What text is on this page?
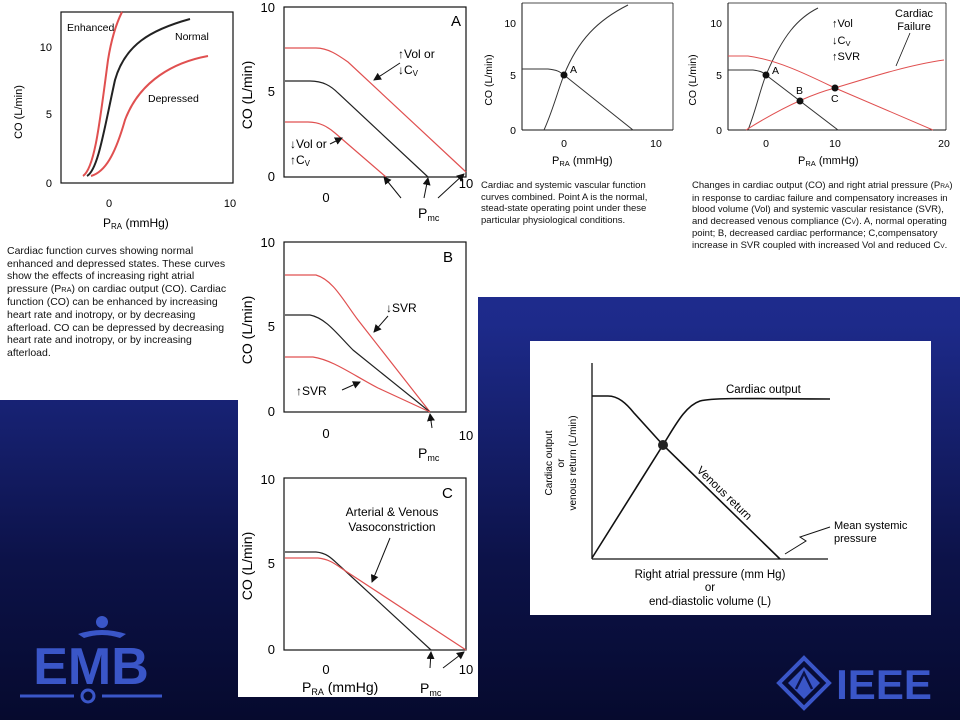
Enhanced
Normal
Depressed
0
5
10
0	10
CO (L/min)
PRA (mmHg)
Cardiac function curves showing normal enhanced and depressed states. These curves show the effects of increasing right atrial pressure (PRA) on cardiac output (CO). Cardiac function (CO) can be enhanced by increasing heart rate and inotropy, or by decreasing afterload. CO can be depressed by decreasing heart rate and inotropy, or by increasing afterload.
A
10
5
0
0
10
CO (L/min)
↑Vol or
↓CV
↓Vol or
↑CV
$P_{mc}$
B
10
5
0
0	10
CO (L/min)	↓SVR
↑SVR
$P_{mc}$
C
10
5
0
0	10
CO (L/min)
Arterial & Venous
Vasoconstriction
$P_{RA}$ (mmHg)	$P_{mc}$
0
5
10
0	10
CO (L/min)	A
PRA (mmHg)
0
5
10
0	10	20
CO (L/min)	A
B
C
↑Vol
↓CV
↑SVR
Cardiac
Failure
PRA (mmHg)
Cardiac and systemic vascular function curves combined. Point A is the normal, stead-state operating point under these particular physiological conditions.
Changes in cardiac output (CO) and right atrial pressure (PRA) in response to cardiac failure and compensatory increases in blood volume (Vol) and systemic vascular resistance (SVR), and decreased venous compliance (CV). A, normal operating point; B, decreased cardiac performance; C,compensatory increase in SVR coupled with increased Vol and reduced CV.
Cardiac output
Venous return
Mean systemic
pressure
Cardiac output or venous return (L/min)
Right atrial pressure (mm Hg)
or
end-diastolic volume (L)
EMB	IEEE
